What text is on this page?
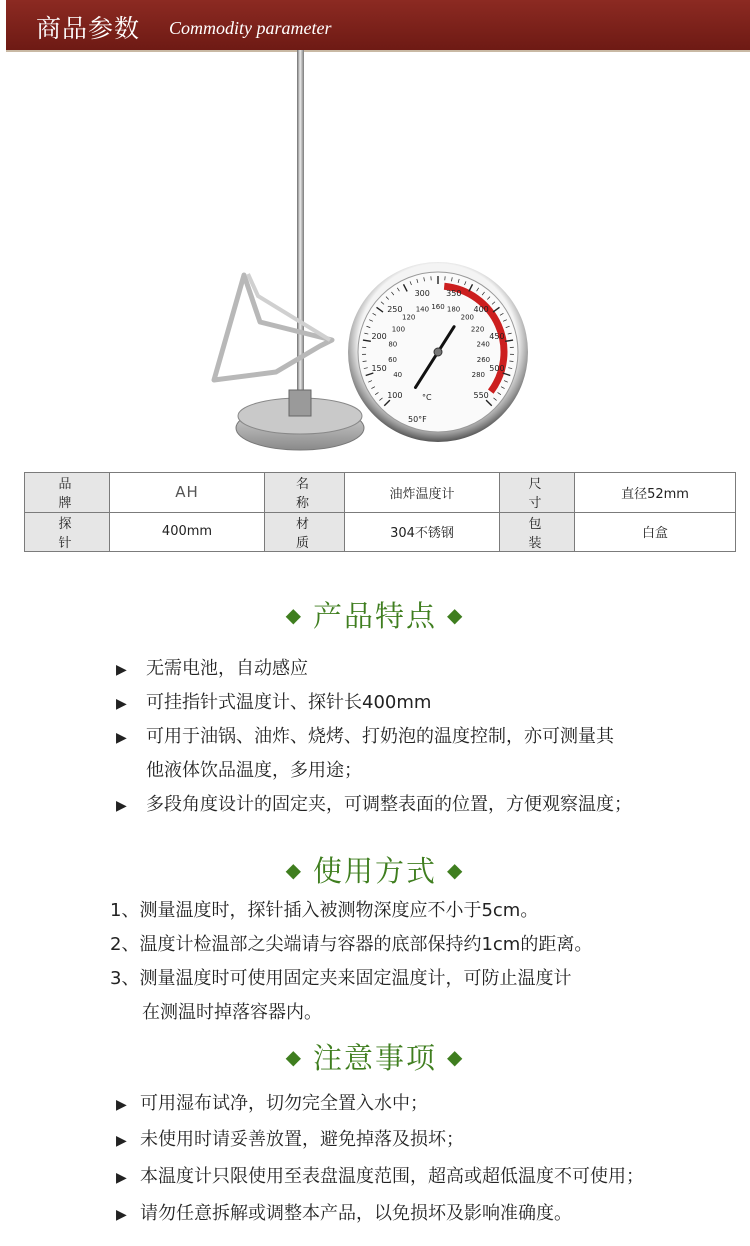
商品参数 Commodity parameter
100
150
200
250
300 350
400
450
500
550
40
60
80
100
120
140 160 180
200
220
240
260
280
°C
50°F
品牌	AH	名称	油炸温度计	尺寸	直径52mm
探针	400mm	材质	304不锈钢	包装	白盒
◆ 产品特点 ◆
▶ 无需电池，自动感应
▶ 可挂指针式温度计、探针长400mm
▶ 可用于油锅、油炸、烧烤、打奶泡的温度控制，亦可测量其
他液体饮品温度，多用途；
▶ 多段角度设计的固定夹，可调整表面的位置，方便观察温度；
◆ 使用方式 ◆
1、测量温度时，探针插入被测物深度应不小于5cm。
2、温度计检温部之尖端请与容器的底部保持约1cm的距离。
3、测量温度时可使用固定夹来固定温度计，可防止温度计
在测温时掉落容器内。
◆ 注意事项 ◆
▶ 可用湿布试净，切勿完全置入水中；
▶ 未使用时请妥善放置，避免掉落及损坏；
▶ 本温度计只限使用至表盘温度范围，超高或超低温度不可使用；
▶ 请勿任意拆解或调整本产品，以免损坏及影响准确度。
